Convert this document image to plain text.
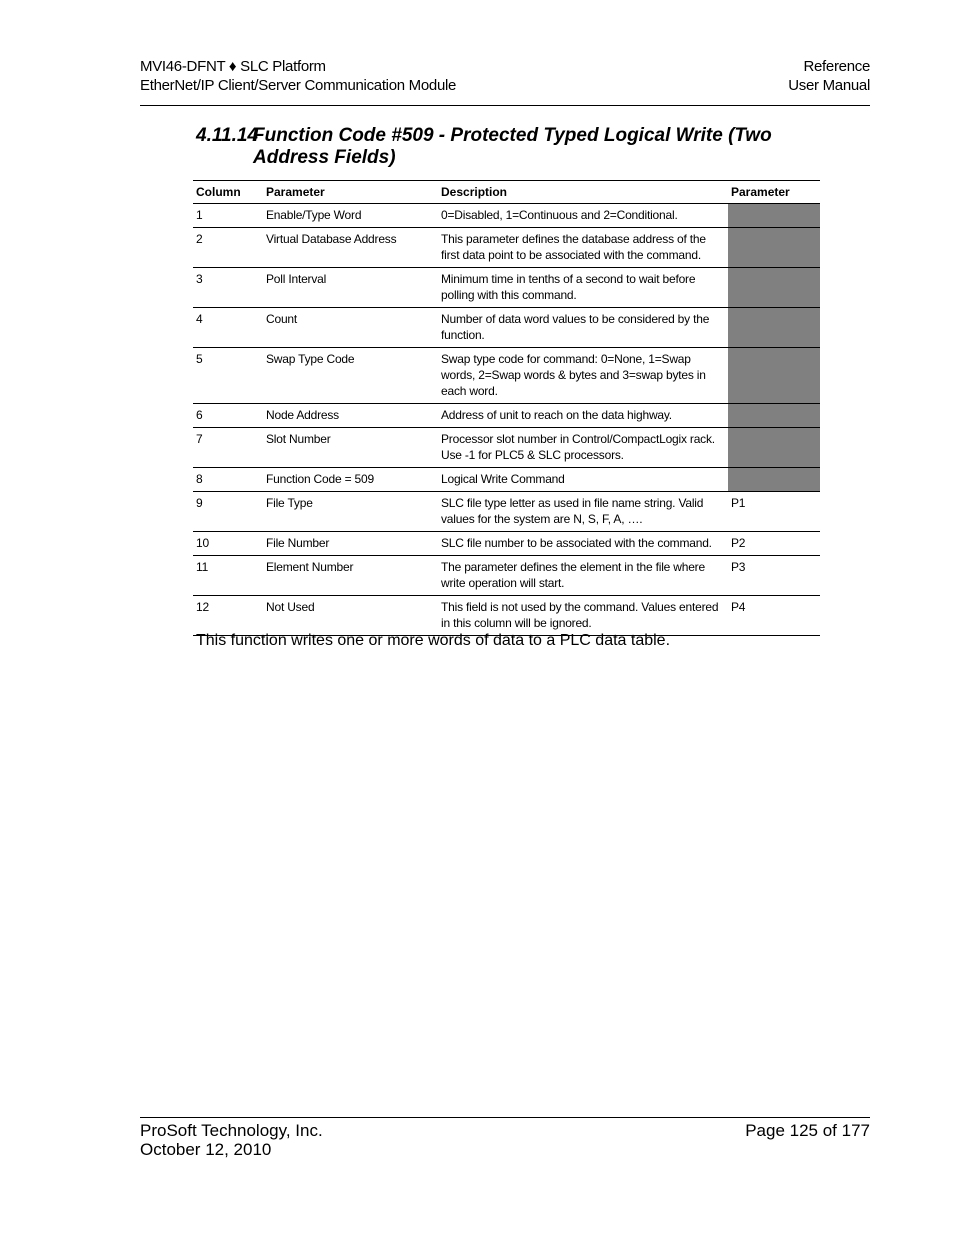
MVI46-DFNT ♦ SLC Platform
EtherNet/IP Client/Server Communication Module
Reference
User Manual
4.11.14Function Code #509 - Protected Typed Logical Write (Two
Address Fields)
Column	Parameter	Description	Parameter
1	Enable/Type Word	0=Disabled, 1=Continuous and 2=Conditional.	
2	Virtual Database Address	This parameter defines the database address of the first data point to be associated with the command.	
3	Poll Interval	Minimum time in tenths of a second to wait before polling with this command.	
4	Count	Number of data word values to be considered by the function.	
5	Swap Type Code	Swap type code for command: 0=None, 1=Swap words, 2=Swap words & bytes and 3=swap bytes in each word.	
6	Node Address	Address of unit to reach on the data highway.	
7	Slot Number	Processor slot number in Control/CompactLogix rack. Use -1 for PLC5 & SLC processors.	
8	Function Code = 509	Logical Write Command	
9	File Type	SLC file type letter as used in file name string. Valid values for the system are N, S, F, A, ….	P1
10	File Number	SLC file number to be associated with the command.	P2
11	Element Number	The parameter defines the element in the file where write operation will start.	P3
12	Not Used	This field is not used by the command. Values entered in this column will be ignored.	P4
This function writes one or more words of data to a PLC data table.
ProSoft Technology, Inc.
October 12, 2010
Page 125 of 177
